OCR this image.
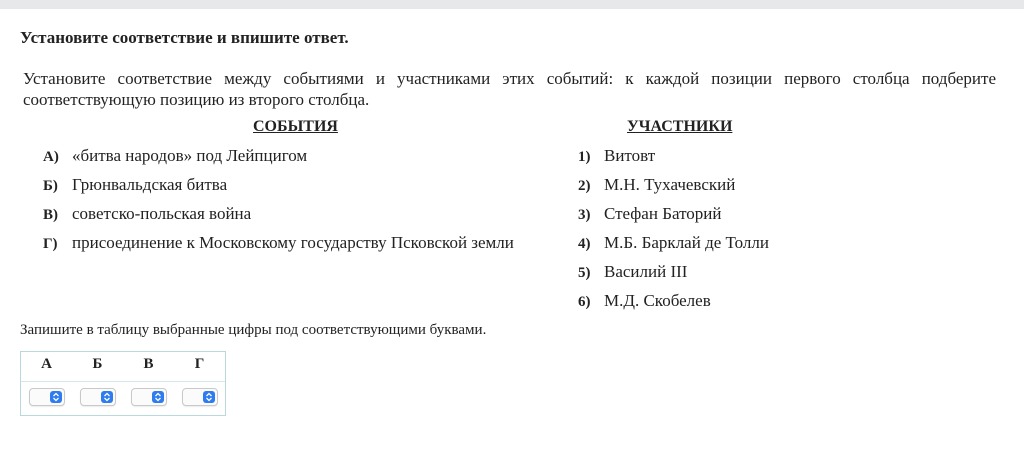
Установите соответствие и впишите ответ.
Установите соответствие между событиями и участниками этих событий: к каждой позиции первого столбца подберите соответствующую позицию из второго столбца.
СОБЫТИЯ	УЧАСТНИКИ
А) «битва народов» под Лейпцигом
Б) Грюнвальдская битва
В) советско-польская война
Г) присоединение к Московскому государству Псковской земли
1) Витовт
2) М.Н. Тухачевский
3) Стефан Баторий
4) М.Б. Барклай де Толли
5) Василий III
6) М.Д. Скобелев
Запишите в таблицу выбранные цифры под соответствующими буквами.
А	Б	В	Г
